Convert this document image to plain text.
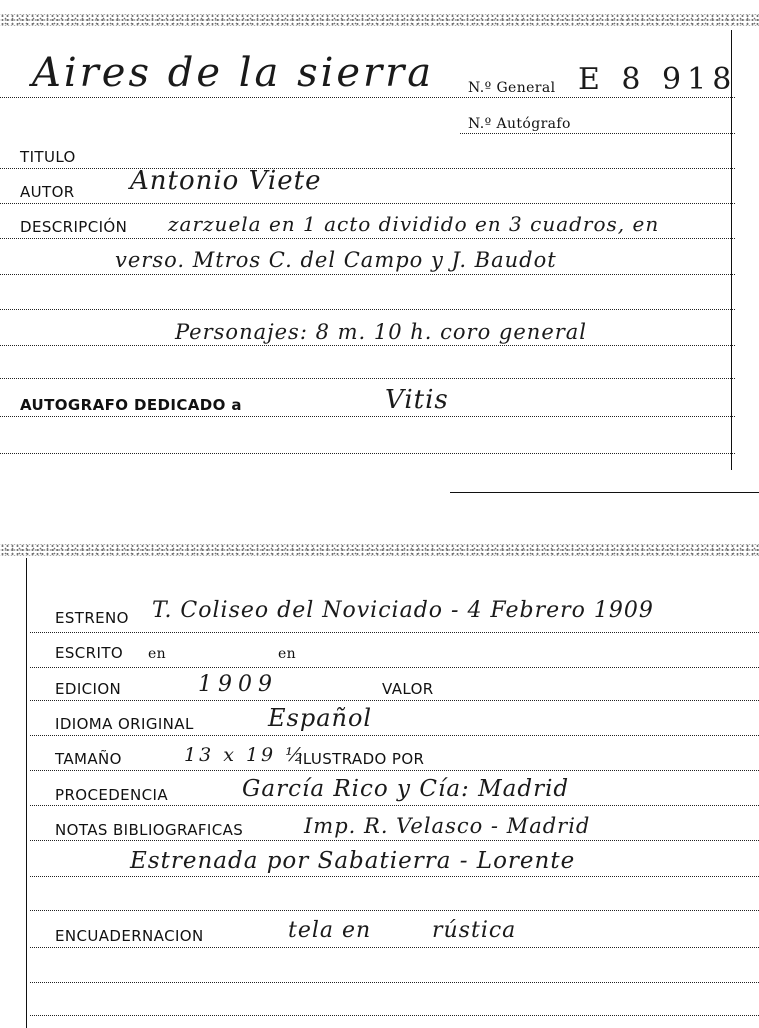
Aires de la sierra N.º General E 8 918
N.º Autógrafo
TITULO
AUTOR Antonio Viete
DESCRIPCIÓN zarzuela en 1 acto dividido en 3 cuadros, en
verso. Mtros C. del Campo y J. Baudot
Personajes: 8 m. 10 h. coro general
AUTOGRAFO DEDICADO a	Vitis
ESTRENO T. Coliseo del Noviciado - 4 Febrero 1909
ESCRITO en	en
EDICION	1909	VALOR
IDIOMA ORIGINAL	Español
TAMAÑO	13 x 19 ½
ILUSTRADO POR
PROCEDENCIA	García Rico y Cía: Madrid
NOTAS BIBLIOGRAFICAS	Imp. R. Velasco - Madrid
Estrenada por Sabatierra - Lorente
ENCUADERNACION	tela en	rústica
